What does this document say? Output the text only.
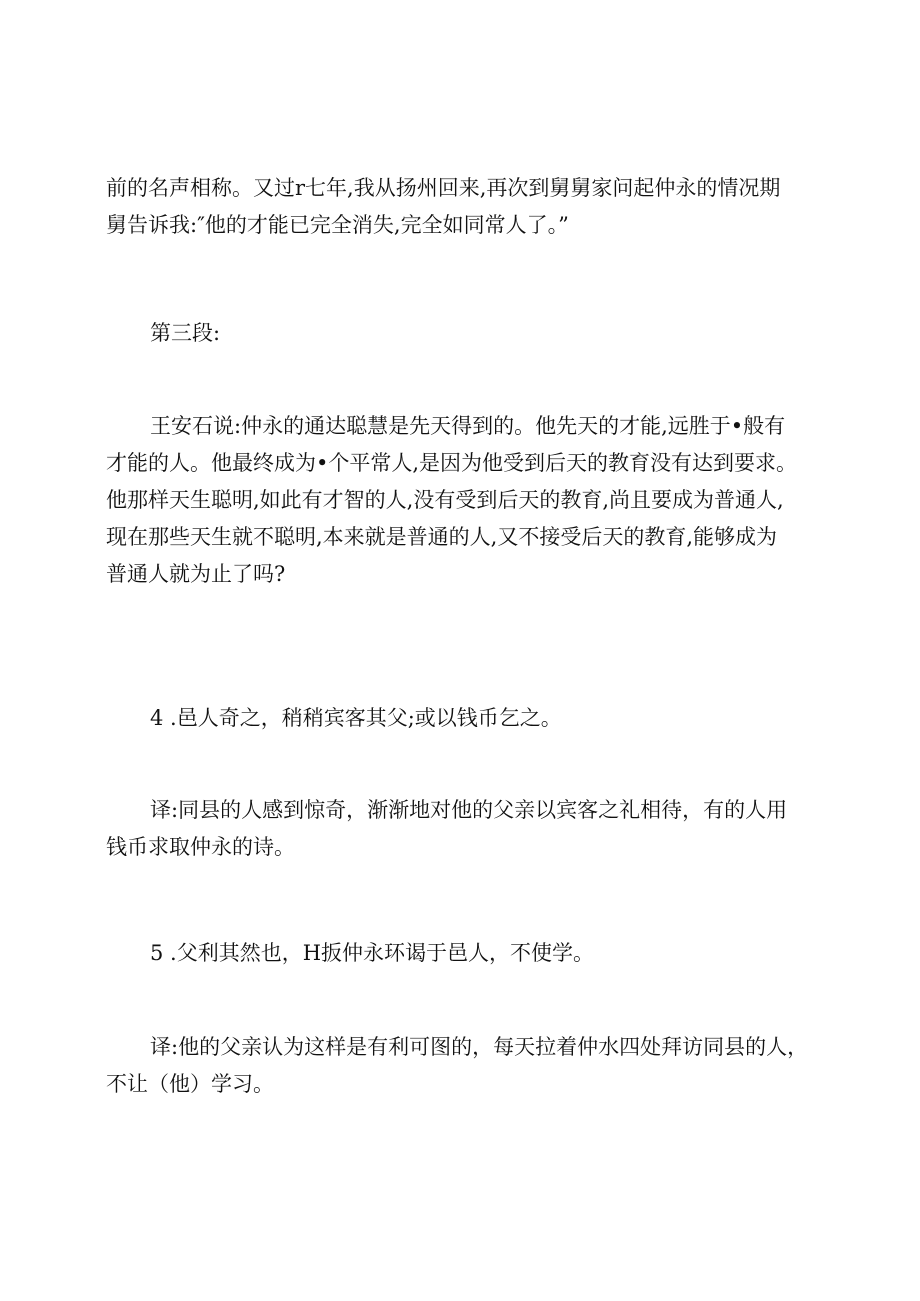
前的名声相称。又过r七年,我从扬州回来,再次到舅舅家问起仲永的情况期
舅告诉我:″他的才能已完全消失,完全如同常人了。”

第三段:

王安石说:仲永的通达聪慧是先天得到的。他先天的才能,远胜于•般有
才能的人。他最终成为•个平常人,是因为他受到后天的教育没有达到要求。
他那样天生聪明,如此有才智的人,没有受到后天的教育,尚且要成为普通人,
现在那些天生就不聪明,本来就是普通的人,又不接受后天的教育,能够成为
普通人就为止了吗?

4 .邑人奇之，稍稍宾客其父;或以钱币乞之。

译:同县的人感到惊奇，渐渐地对他的父亲以宾客之礼相待，有的人用
钱币求取仲永的诗。

5 .父利其然也，H扳仲永环谒于邑人，不使学。

译:他的父亲认为这样是有利可图的，每天拉着仲水四处拜访同县的人，
不让（他）学习。
